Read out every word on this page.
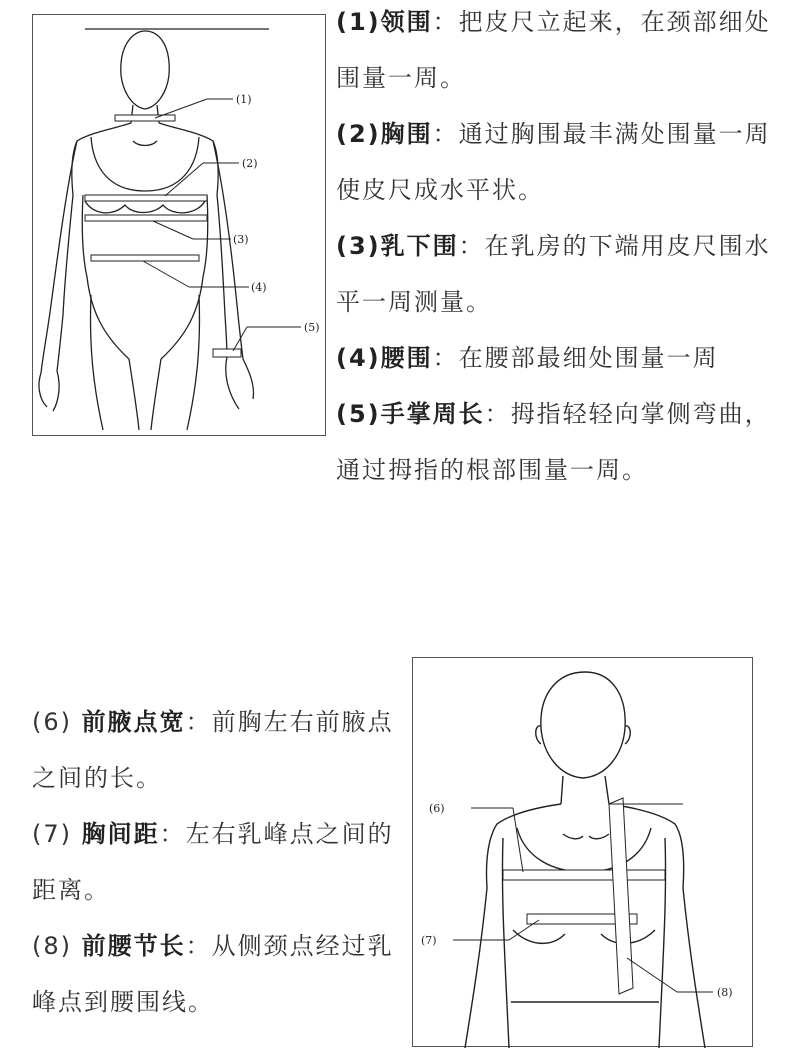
(1)
(2)
(3)
(4)
(5)
(1)领围：把皮尺立起来，在颈部细处围量一周。
(2)胸围：通过胸围最丰满处围量一周使皮尺成水平状。
(3)乳下围：在乳房的下端用皮尺围水平一周测量。
(4)腰围：在腰部最细处围量一周
(5)手掌周长：拇指轻轻向掌侧弯曲，通过拇指的根部围量一周。
(6) 前腋点宽：前胸左右前腋点之间的长。
(7) 胸间距：左右乳峰点之间的距离。
(8) 前腰节长：从侧颈点经过乳峰点到腰围线。
(6)
(7)
(8)
